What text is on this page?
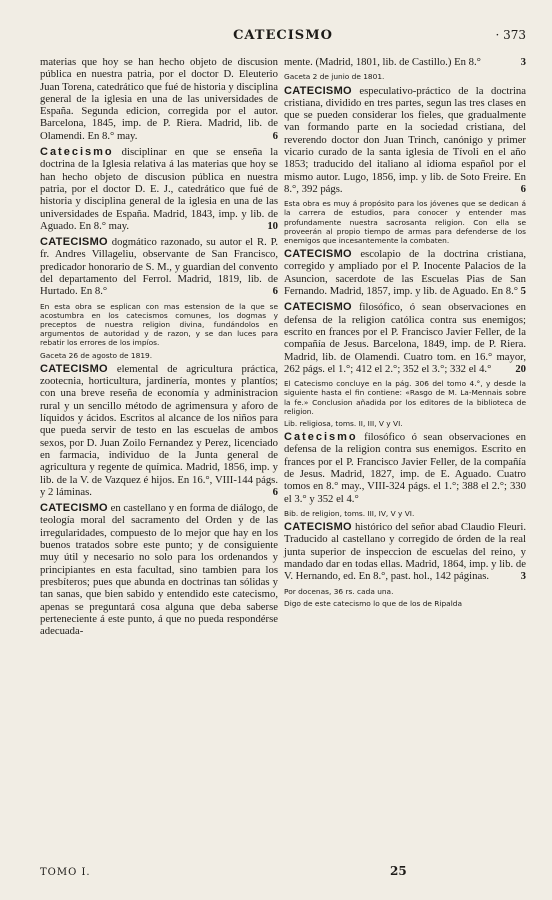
CATECISMO	· 373

materias que hoy se han hecho objeto de discusion pública en nuestra patria, por el doctor D. Eleuterio Juan Torena, catedrático que fué de historia y disciplina general de la iglesia en una de las universidades de España. Segunda edicion, corregida por el autor. Barcelona, 1845, imp. de P. Riera. Madrid, lib. de Olamendi. En 8.° may.	6

Catecismo disciplinar en que se enseña la doctrina de la Iglesia relativa á las materias que hoy se han hecho objeto de discusion pública en nuestra patria, por el doctor D. E. J., catedrático que fué de historia y disciplina general de la iglesia en una de las universidades de España. Madrid, 1843, imp. y lib. de Aguado. En 8.° may.	10

CATECISMO dogmático razonado, su autor el R. P. fr. Andres Villageliu, observante de San Francisco, predicador honorario de S. M., y guardian del convento del departamento del Ferrol. Madrid, 1819, lib. de Hurtado. En 8.°	6

En esta obra se esplican con mas estension de la que se acostumbra en los catecismos comunes, los dogmas y preceptos de nuestra religion divina, fundándolos en argumentos de autoridad y de razon, y se dan luces para rebatir los errores de los impíos.

Gaceta 26 de agosto de 1819.

CATECISMO elemental de agricultura práctica, zootecnia, horticultura, jardinería, montes y plantíos; con una breve reseña de economía y administracion rural y un sencillo método de agrimensura y aforo de líquidos y ácidos. Escritos al alcance de los niños para que pueda servir de testo en las escuelas de ambos sexos, por D. Juan Zoilo Fernandez y Perez, licenciado en farmacia, individuo de la Junta general de agricultura y regente de química. Madrid, 1856, imp. y lib. de la V. de Vazquez é hijos. En 16.°, VIII-144 págs. y 2 láminas.	6

CATECISMO en castellano y en forma de diálogo, de teología moral del sacramento del Orden y de las irregularidades, compuesto de lo mejor que hay en los buenos tratados sobre este punto; y de consiguiente muy útil y necesario no solo para los ordenandos y principiantes en esta facultad, sino tambien para los presbíteros; pues que abunda en doctrinas tan sólidas y tan sanas, que bien sabido y entendido este catecismo, apenas se preguntará cosa alguna que deba saberse perteneciente á este punto, á que no pueda respondérse adecuada-

mente. (Madrid, 1801, lib. de Castillo.) En 8.°	3

Gaceta 2 de junio de 1801.

CATECISMO especulativo-práctico de la doctrina cristiana, dividido en tres partes, segun las tres clases en que se pueden considerar los fieles, que gradualmente van formando parte en la sociedad cristiana, del reverendo doctor don Juan Trinch, canónigo y primer vicario curado de la santa iglesia de Tívoli en el año 1853; traducido del italiano al idioma español por el mismo autor. Lugo, 1856, imp. y lib. de Soto Freire. En 8.°, 392 págs.	6

Esta obra es muy á propósito para los jóvenes que se dedican á la carrera de estudios, para conocer y entender mas profundamente nuestra sacrosanta religion. Con ella se proveerán al propio tiempo de armas para defenderse de los enemigos que incesantemente la combaten.

CATECISMO escolapio de la doctrina cristiana, corregido y ampliado por el P. Inocente Palacios de la Asuncion, sacerdote de las Escuelas Pias de San Fernando. Madrid, 1857, imp. y lib. de Aguado. En 8.° 5

CATECISMO filosófico, ó sean observaciones en defensa de la religion católica contra sus enemigos; escrito en frances por el P. Francisco Javier Feller, de la compañía de Jesus. Barcelona, 1849, imp. de P. Riera. Madrid, lib. de Olamendi. Cuatro tom. en 16.° mayor, 262 págs. el 1.°; 412 el 2.°; 352 el 3.°; 332 el 4.° 20

El Catecismo concluye en la pág. 306 del tomo 4.°, y desde la siguiente hasta el fin contiene: «Rasgo de M. La-Mennais sobre la fe.» Conclusion añadida por los editores de la biblioteca de religion.

Lib. religiosa, toms. II, III, V y VI.

Catecismo filosófico ó sean observaciones en defensa de la religion contra sus enemigos. Escrito en frances por el P. Francisco Javier Feller, de la compañía de Jesus. Madrid, 1827, imp. de E. Aguado. Cuatro tomos en 8.° may., VIII-324 págs. el 1.°; 388 el 2.°; 330 el 3.° y 352 el 4.°

Bib. de religion, toms. III, IV, V y VI.

CATECISMO histórico del señor abad Claudio Fleuri. Traducido al castellano y corregido de órden de la real junta superior de inspeccion de escuelas del reino, y mandado dar en todas ellas. Madrid, 1864, imp. y lib. de V. Hernando, ed. En 8.°, past. hol., 142 páginas.	3

Por docenas, 36 rs. cada una.

Digo de este catecismo lo que de los de Ripalda

TOMO I.	25
